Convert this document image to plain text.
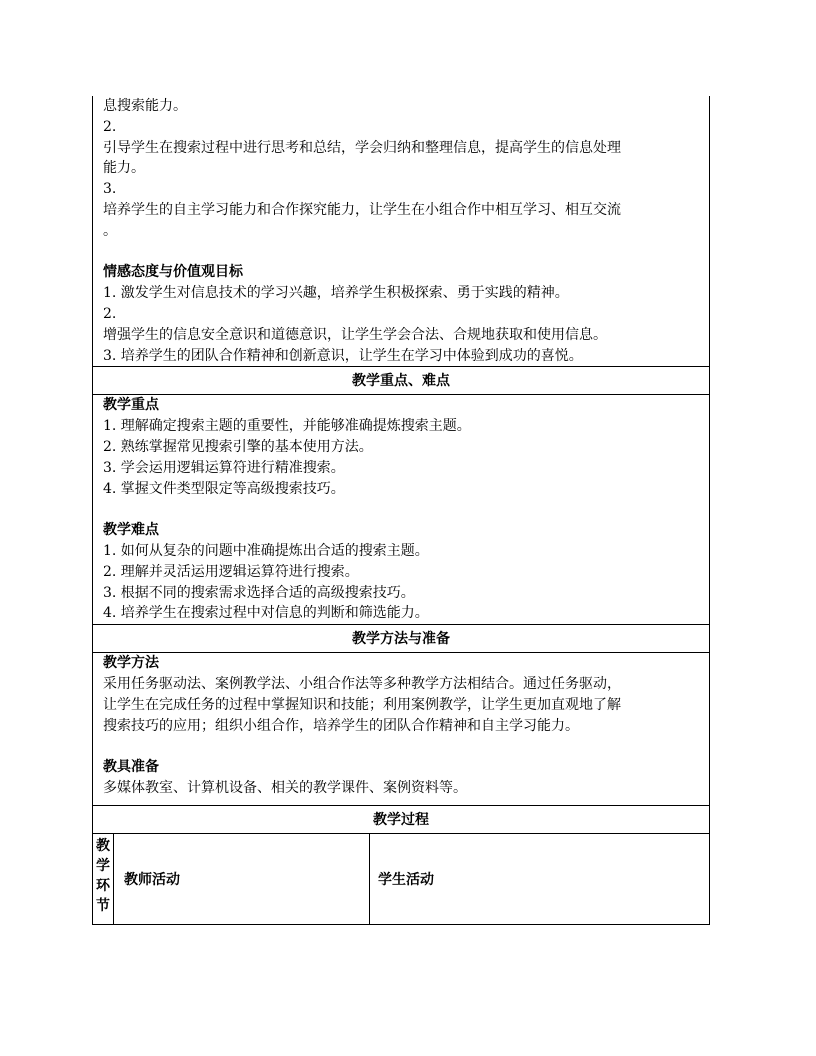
息搜索能力。
2.
引导学生在搜索过程中进行思考和总结，学会归纳和整理信息，提高学生的信息处理
能力。
3.
培养学生的自主学习能力和合作探究能力，让学生在小组合作中相互学习、相互交流
。
情感态度与价值观目标
1. 激发学生对信息技术的学习兴趣，培养学生积极探索、勇于实践的精神。
2.
增强学生的信息安全意识和道德意识，让学生学会合法、合规地获取和使用信息。
3. 培养学生的团队合作精神和创新意识，让学生在学习中体验到成功的喜悦。
教学重点、难点
教学重点
1. 理解确定搜索主题的重要性，并能够准确提炼搜索主题。
2. 熟练掌握常见搜索引擎的基本使用方法。
3. 学会运用逻辑运算符进行精准搜索。
4. 掌握文件类型限定等高级搜索技巧。
教学难点
1. 如何从复杂的问题中准确提炼出合适的搜索主题。
2. 理解并灵活运用逻辑运算符进行搜索。
3. 根据不同的搜索需求选择合适的高级搜索技巧。
4. 培养学生在搜索过程中对信息的判断和筛选能力。
教学方法与准备
教学方法
采用任务驱动法、案例教学法、小组合作法等多种教学方法相结合。通过任务驱动，
让学生在完成任务的过程中掌握知识和技能；利用案例教学，让学生更加直观地了解
搜索技巧的应用；组织小组合作，培养学生的团队合作精神和自主学习能力。
教具准备
多媒体教室、计算机设备、相关的教学课件、案例资料等。
教学过程
教
学
环
节
教师活动	学生活动
